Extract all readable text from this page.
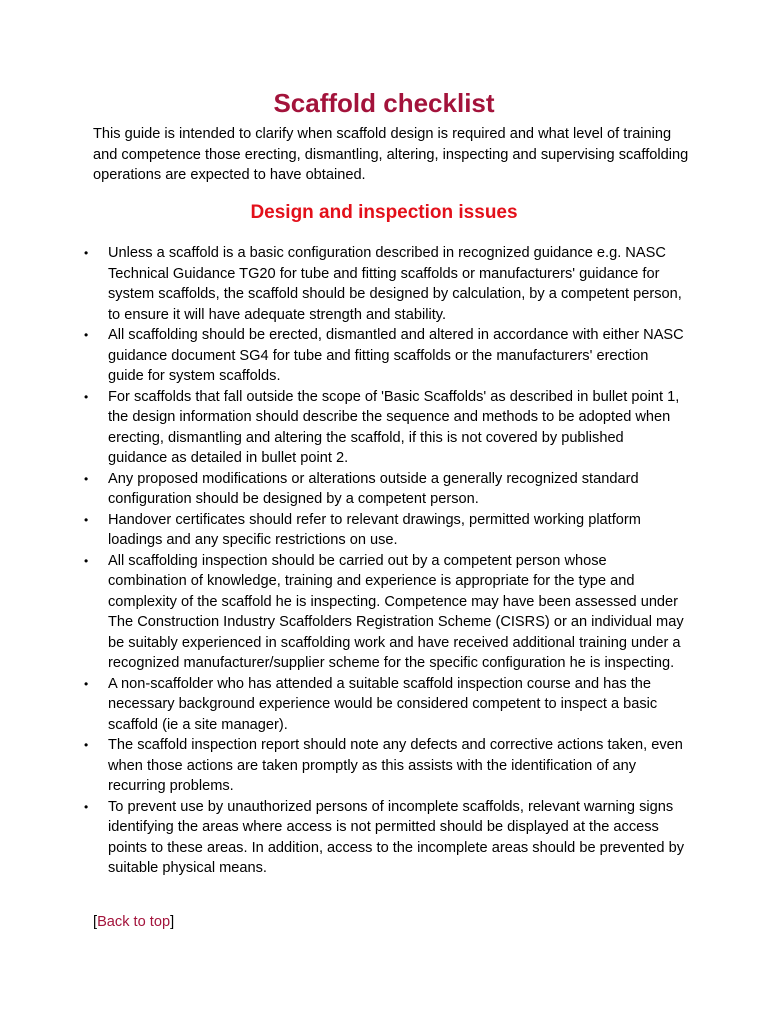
Scaffold checklist

This guide is intended to clarify when scaffold design is required and what level of training and competence those erecting, dismantling, altering, inspecting and supervising scaffolding operations are expected to have obtained.

Design and inspection issues
• Unless a scaffold is a basic configuration described in recognized guidance e.g. NASC Technical Guidance TG20 for tube and fitting scaffolds or manufacturers' guidance for system scaffolds, the scaffold should be designed by calculation, by a competent person, to ensure it will have adequate strength and stability.
• All scaffolding should be erected, dismantled and altered in accordance with either NASC guidance document SG4 for tube and fitting scaffolds or the manufacturers' erection guide for system scaffolds.
• For scaffolds that fall outside the scope of 'Basic Scaffolds' as described in bullet point 1, the design information should describe the sequence and methods to be adopted when erecting, dismantling and altering the scaffold, if this is not covered by published guidance as detailed in bullet point 2.
• Any proposed modifications or alterations outside a generally recognized standard configuration should be designed by a competent person.
• Handover certificates should refer to relevant drawings, permitted working platform loadings and any specific restrictions on use.
• All scaffolding inspection should be carried out by a competent person whose combination of knowledge, training and experience is appropriate for the type and complexity of the scaffold he is inspecting. Competence may have been assessed under The Construction Industry Scaffolders Registration Scheme (CISRS) or an individual may be suitably experienced in scaffolding work and have received additional training under a recognized manufacturer/supplier scheme for the specific configuration he is inspecting.
• A non-scaffolder who has attended a suitable scaffold inspection course and has the necessary background experience would be considered competent to inspect a basic scaffold (ie a site manager).
• The scaffold inspection report should note any defects and corrective actions taken, even when those actions are taken promptly as this assists with the identification of any recurring problems.
• To prevent use by unauthorized persons of incomplete scaffolds, relevant warning signs identifying the areas where access is not permitted should be displayed at the access points to these areas. In addition, access to the incomplete areas should be prevented by suitable physical means.

[Back to top]
